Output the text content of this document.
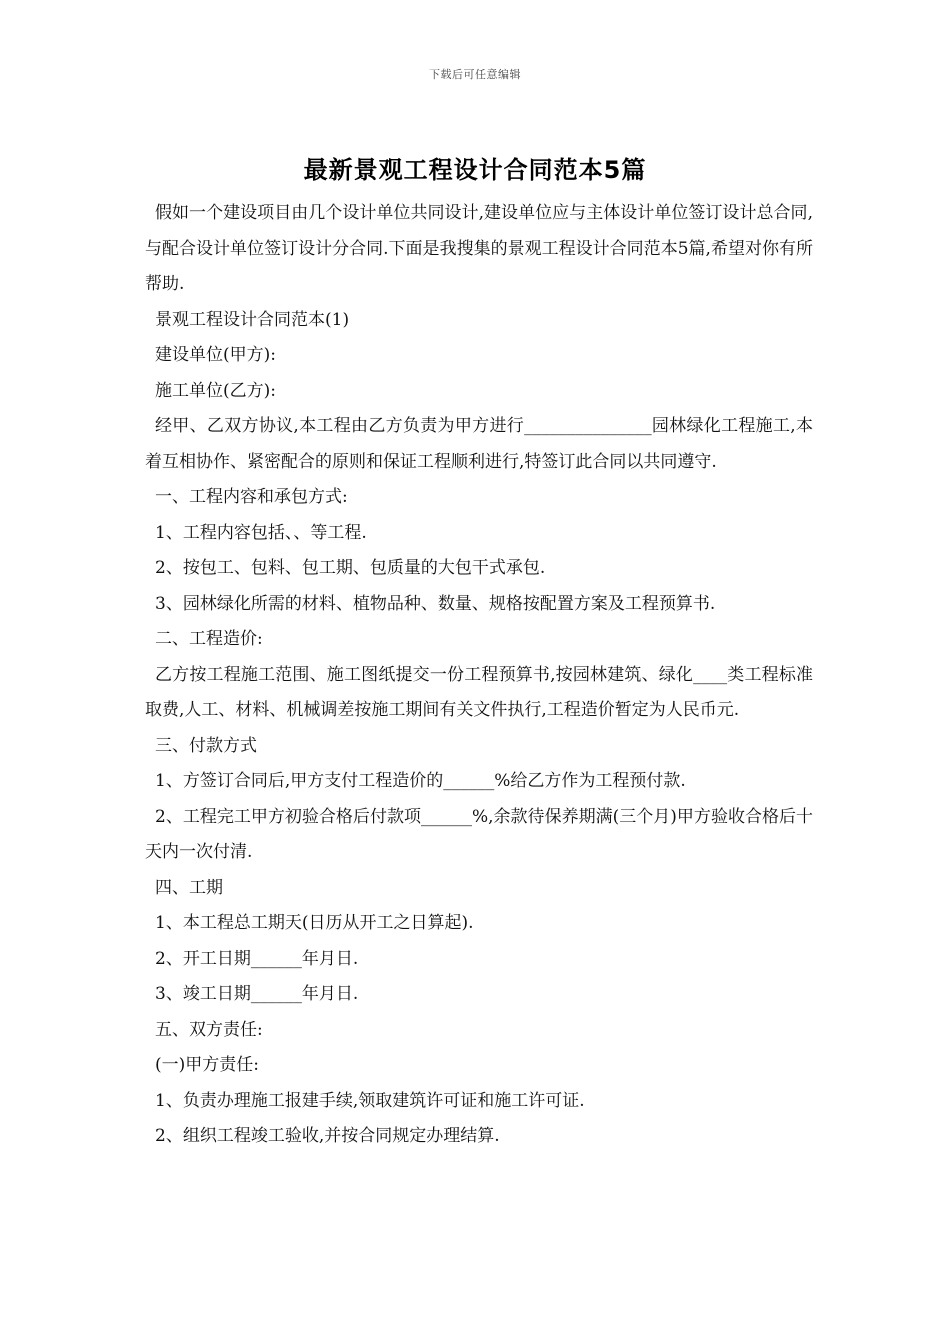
下载后可任意编辑
最新景观工程设计合同范本5篇

假如一个建设项目由几个设计单位共同设计,建设单位应与主体设计单位签订设计总合同,与配合设计单位签订设计分合同.下面是我搜集的景观工程设计合同范本5篇,希望对你有所帮助.

景观工程设计合同范本(1)

建设单位(甲方):

施工单位(乙方):

经甲、乙双方协议,本工程由乙方负责为甲方进行_______________园林绿化工程施工,本着互相协作、紧密配合的原则和保证工程顺利进行,特签订此合同以共同遵守.

一、工程内容和承包方式:

1、工程内容包括、、等工程.

2、按包工、包料、包工期、包质量的大包干式承包.

3、园林绿化所需的材料、植物品种、数量、规格按配置方案及工程预算书.

二、工程造价:

乙方按工程施工范围、施工图纸提交一份工程预算书,按园林建筑、绿化____类工程标准取费,人工、材料、机械调差按施工期间有关文件执行,工程造价暂定为人民币元.

三、付款方式

1、方签订合同后,甲方支付工程造价的______%给乙方作为工程预付款.

2、工程完工甲方初验合格后付款项______%,余款待保养期满(三个月)甲方验收合格后十天内一次付清.

四、工期

1、本工程总工期天(日历从开工之日算起).

2、开工日期______年月日.

3、竣工日期______年月日.

五、双方责任:

(一)甲方责任:

1、负责办理施工报建手续,领取建筑许可证和施工许可证.

2、组织工程竣工验收,并按合同规定办理结算.
